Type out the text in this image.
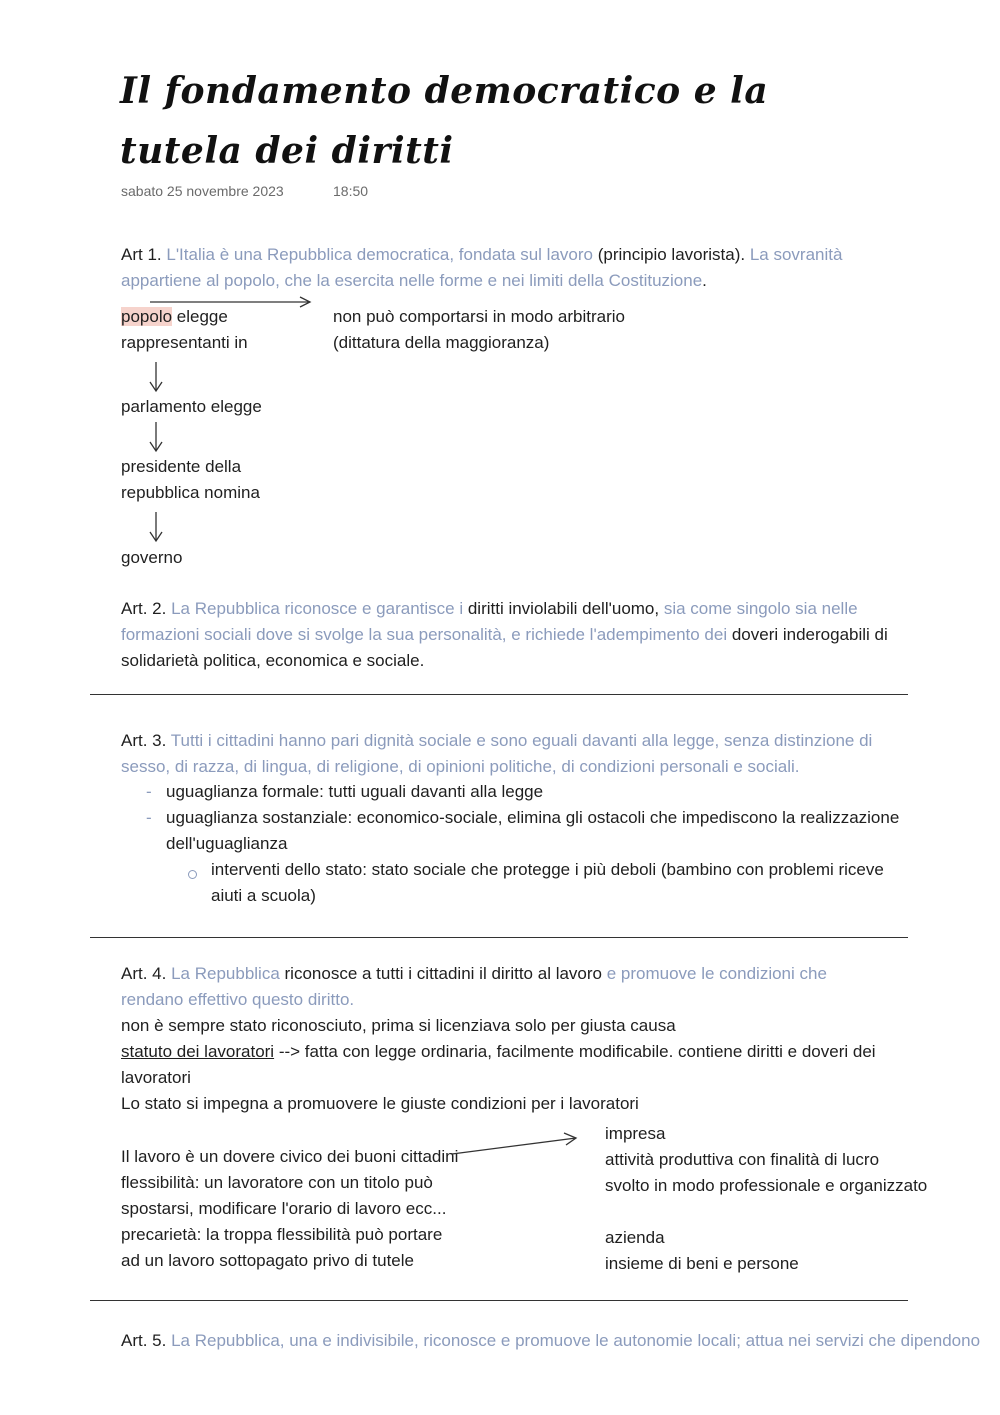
Il fondamento democratico e la
tutela dei diritti
sabato 25 novembre 2023	18:50
Art 1. L'Italia è una Repubblica democratica, fondata sul lavoro (principio lavorista). La sovranità
appartiene al popolo, che la esercita nelle forme e nei limiti della Costituzione.
popolo elegge
rappresentanti in
non può comportarsi in modo arbitrario
(dittatura della maggioranza)
parlamento elegge
presidente della
repubblica nomina
governo
Art. 2. La Repubblica riconosce e garantisce i diritti inviolabili dell'uomo, sia come singolo sia nelle
formazioni sociali dove si svolge la sua personalità, e richiede l'adempimento dei doveri inderogabili di
solidarietà politica, economica e sociale.
Art. 3. Tutti i cittadini hanno pari dignità sociale e sono eguali davanti alla legge, senza distinzione di
sesso, di razza, di lingua, di religione, di opinioni politiche, di condizioni personali e sociali.
- uguaglianza formale: tutti uguali davanti alla legge
- uguaglianza sostanziale: economico-sociale, elimina gli ostacoli che impediscono la realizzazione
dell'uguaglianza
interventi dello stato: stato sociale che protegge i più deboli (bambino con problemi riceve
aiuti a scuola)
Art. 4. La Repubblica riconosce a tutti i cittadini il diritto al lavoro e promuove le condizioni che
rendano effettivo questo diritto.
non è sempre stato riconosciuto, prima si licenziava solo per giusta causa
statuto dei lavoratori --> fatta con legge ordinaria, facilmente modificabile. contiene diritti e doveri dei
lavoratori
Lo stato si impegna a promuovere le giuste condizioni per i lavoratori
Il lavoro è un dovere civico dei buoni cittadini
flessibilità: un lavoratore con un titolo può
spostarsi, modificare l'orario di lavoro ecc...
precarietà: la troppa flessibilità può portare
ad un lavoro sottopagato privo di tutele
impresa
attività produttiva con finalità di lucro
svolto in modo professionale e organizzato
azienda
insieme di beni e persone
Art. 5. La Repubblica, una e indivisibile, riconosce e promuove le autonomie locali; attua nei servizi che dipendono
